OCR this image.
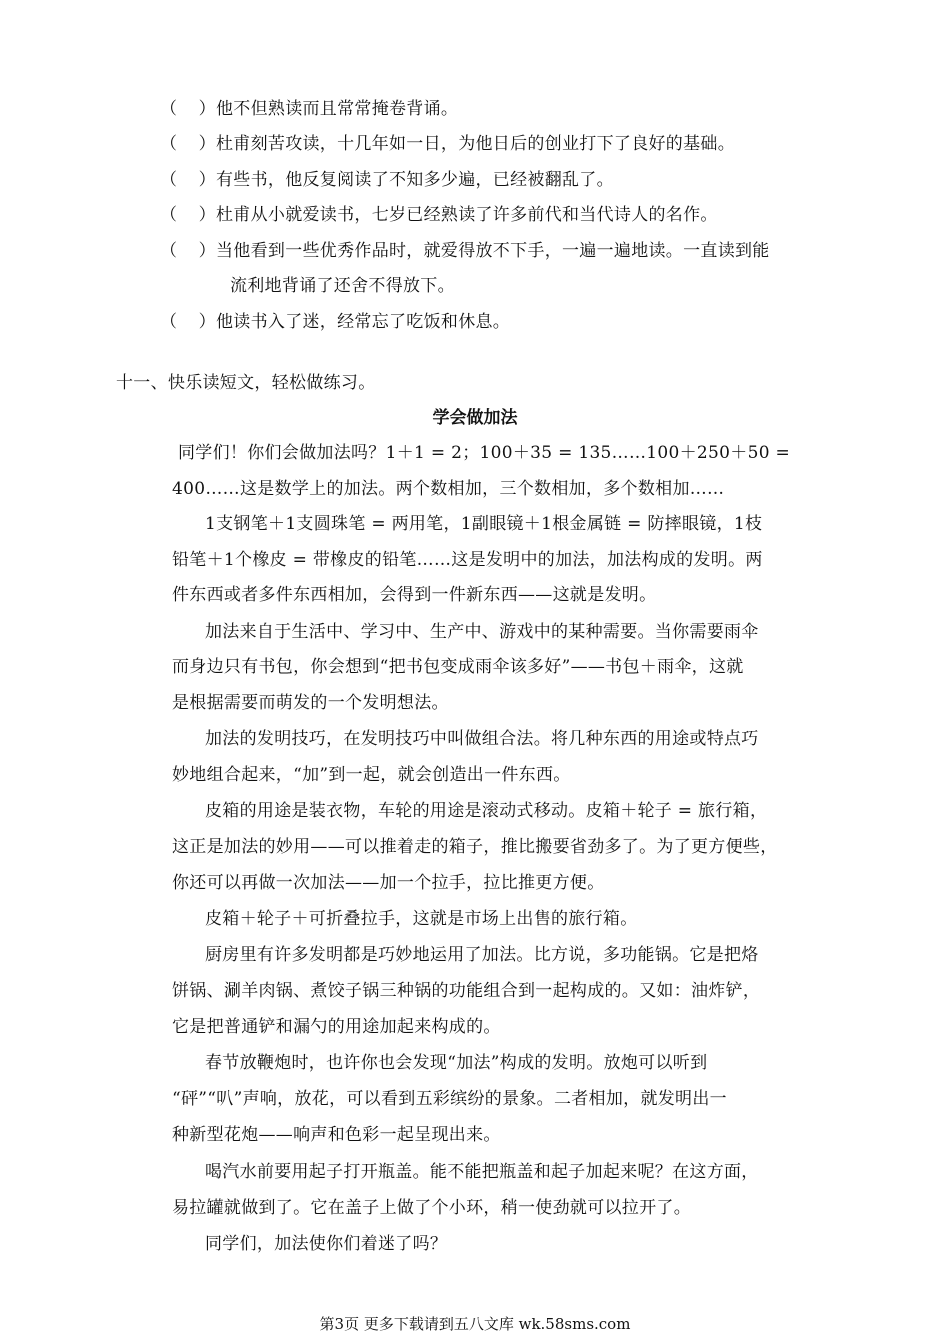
（    ） 他不但熟读而且常常掩卷背诵。
（    ） 杜甫刻苦攻读，十几年如一日，为他日后的创业打下了良好的基础。
（    ） 有些书，他反复阅读了不知多少遍，已经被翻乱了。
（    ） 杜甫从小就爱读书，七岁已经熟读了许多前代和当代诗人的名作。
（    ） 当他看到一些优秀作品时，就爱得放不下手，一遍一遍地读。一直读到能
流利地背诵了还舍不得放下。
（    ） 他读书入了迷，经常忘了吃饭和休息。
十一、快乐读短文，轻松做练习。
学会做加法
同学们！你们会做加法吗？1＋1 = 2；100＋35 = 135……100＋250＋50 =
400……这是数学上的加法。两个数相加，三个数相加，多个数相加……
1支钢笔＋1支圆珠笔 = 两用笔，1副眼镜＋1根金属链 = 防摔眼镜，1枝
铅笔＋1个橡皮 = 带橡皮的铅笔……这是发明中的加法，加法构成的发明。两
件东西或者多件东西相加，会得到一件新东西——这就是发明。
加法来自于生活中、学习中、生产中、游戏中的某种需要。当你需要雨伞
而身边只有书包，你会想到“把书包变成雨伞该多好”——书包＋雨伞，这就
是根据需要而萌发的一个发明想法。
加法的发明技巧，在发明技巧中叫做组合法。将几种东西的用途或特点巧
妙地组合起来，“加”到一起，就会创造出一件东西。
皮箱的用途是装衣物，车轮的用途是滚动式移动。皮箱＋轮子 = 旅行箱，
这正是加法的妙用——可以推着走的箱子，推比搬要省劲多了。为了更方便些，
你还可以再做一次加法——加一个拉手，拉比推更方便。
皮箱＋轮子＋可折叠拉手，这就是市场上出售的旅行箱。
厨房里有许多发明都是巧妙地运用了加法。比方说，多功能锅。它是把烙
饼锅、涮羊肉锅、煮饺子锅三种锅的功能组合到一起构成的。又如：油炸铲，
它是把普通铲和漏勺的用途加起来构成的。
春节放鞭炮时，也许你也会发现“加法”构成的发明。放炮可以听到
“砰”“叭”声响，放花，可以看到五彩缤纷的景象。二者相加，就发明出一
种新型花炮——响声和色彩一起呈现出来。
喝汽水前要用起子打开瓶盖。能不能把瓶盖和起子加起来呢？在这方面，
易拉罐就做到了。它在盖子上做了个小环，稍一使劲就可以拉开了。
同学们，加法使你们着迷了吗？
第3页 更多下载请到五八文库 wk.58sms.com
